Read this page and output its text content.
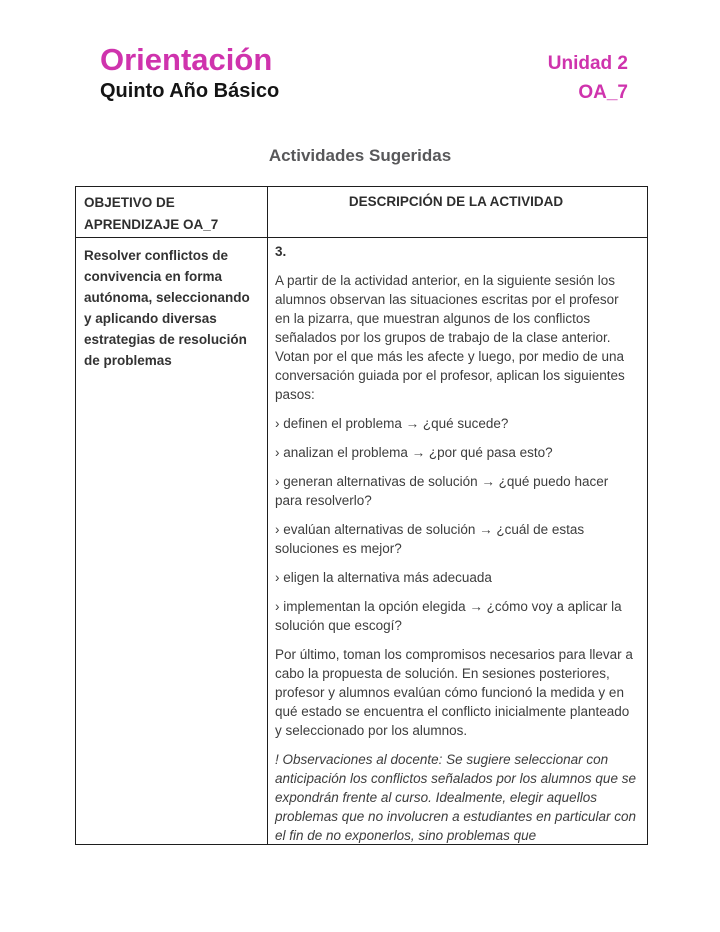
Orientación
Quinto Año Básico
Unidad 2
OA_7
Actividades Sugeridas
OBJETIVO DE APRENDIZAJE OA_7
DESCRIPCIÓN DE LA ACTIVIDAD
Resolver conflictos de convivencia en forma autónoma, seleccionando y aplicando diversas estrategias de resolución de problemas

3.

A partir de la actividad anterior, en la siguiente sesión los alumnos observan las situaciones escritas por el profesor en la pizarra, que muestran algunos de los conflictos señalados por los grupos de trabajo de la clase anterior. Votan por el que más les afecte y luego, por medio de una conversación guiada por el profesor, aplican los siguientes pasos:

› definen el problema → ¿qué sucede?

› analizan el problema → ¿por qué pasa esto?

› generan alternativas de solución → ¿qué puedo hacer para resolverlo?

› evalúan alternativas de solución → ¿cuál de estas soluciones es mejor?

› eligen la alternativa más adecuada

› implementan la opción elegida → ¿cómo voy a aplicar la solución que escogí?

Por último, toman los compromisos necesarios para llevar a cabo la propuesta de solución. En sesiones posteriores, profesor y alumnos evalúan cómo funcionó la medida y en qué estado se encuentra el conflicto inicialmente planteado y seleccionado por los alumnos.

! Observaciones al docente: Se sugiere seleccionar con anticipación los conflictos señalados por los alumnos que se expondrán frente al curso. Idealmente, elegir aquellos problemas que no involucren a estudiantes en particular con el fin de no exponerlos, sino problemas que
